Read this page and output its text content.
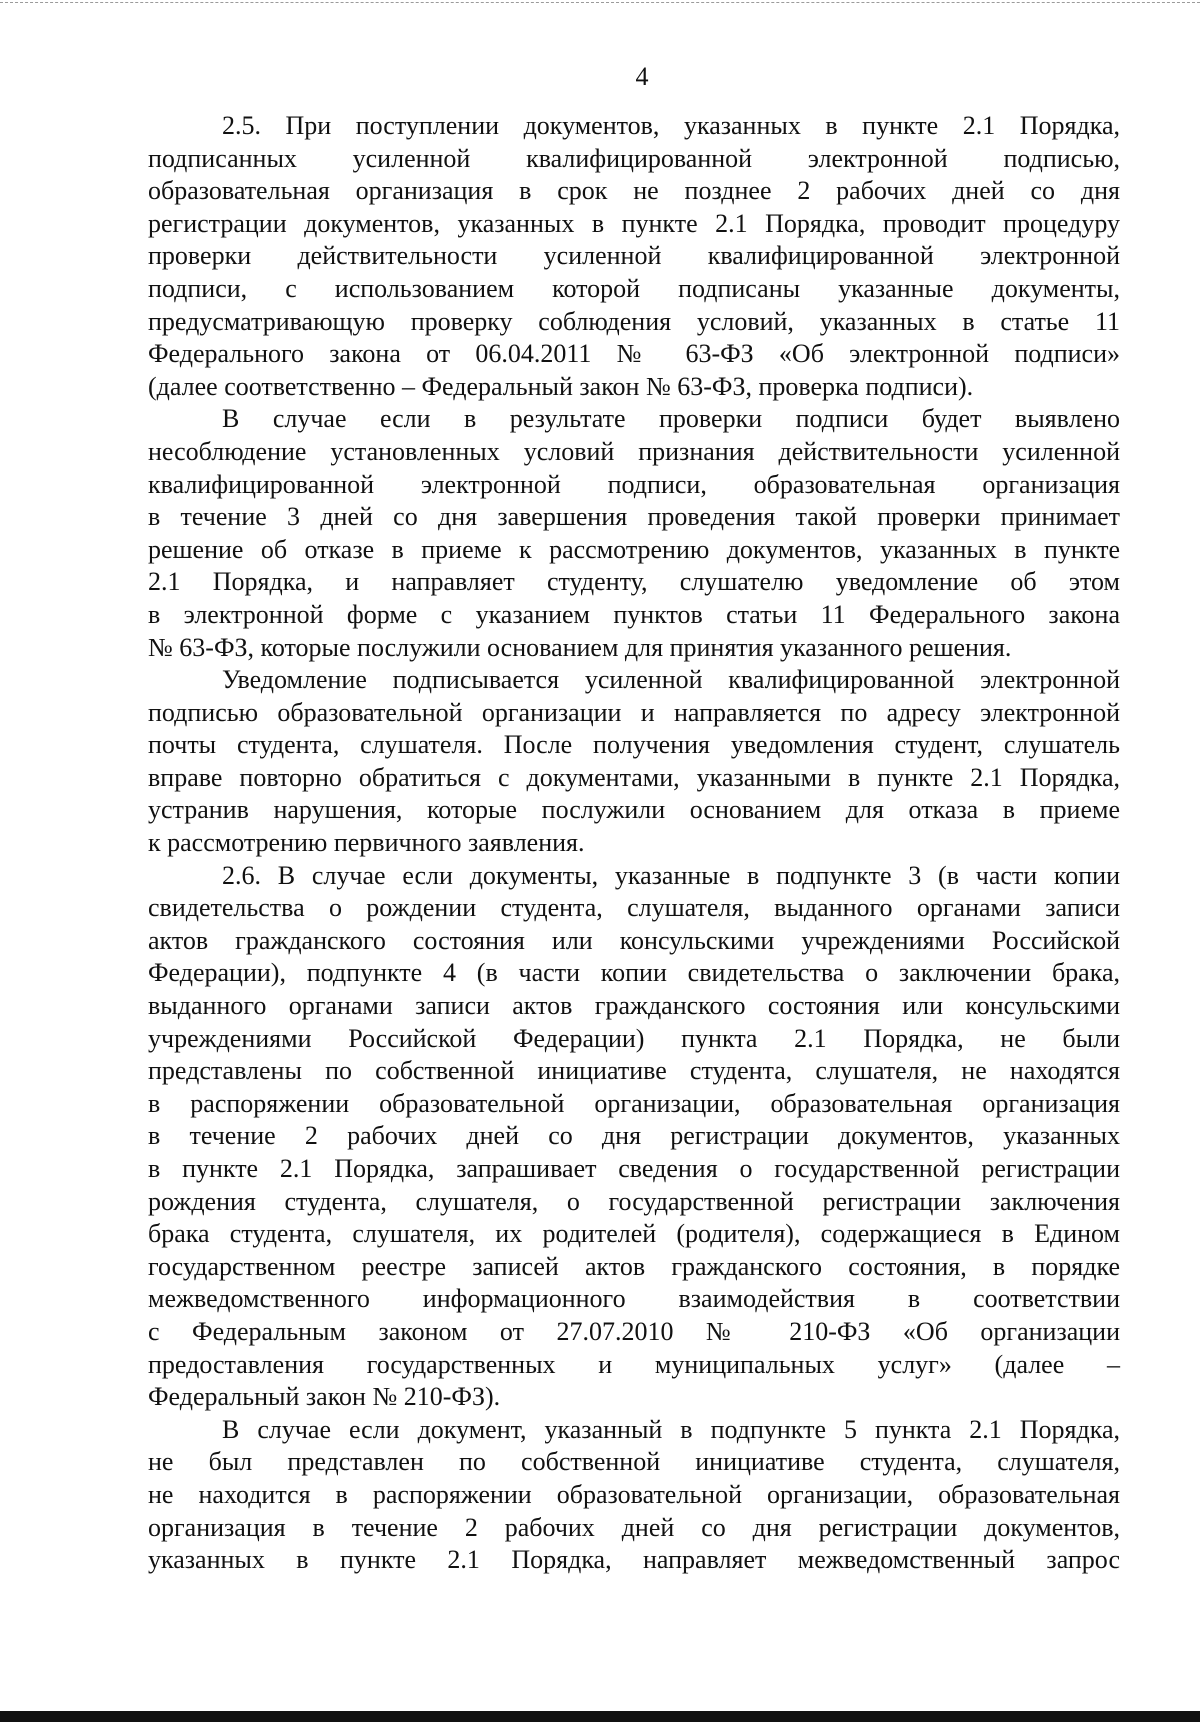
4
2.5. При поступлении документов, указанных в пункте 2.1 Порядка,
подписанных усиленной квалифицированной электронной подписью,
образовательная организация в срок не позднее 2 рабочих дней со дня
регистрации документов, указанных в пункте 2.1 Порядка, проводит процедуру
проверки действительности усиленной квалифицированной электронной
подписи, с использованием которой подписаны указанные документы,
предусматривающую проверку соблюдения условий, указанных в статье 11
Федерального закона от 06.04.2011 № 63-ФЗ «Об электронной подписи»
(далее соответственно – Федеральный закон № 63-ФЗ, проверка подписи).
В случае если в результате проверки подписи будет выявлено
несоблюдение установленных условий признания действительности усиленной
квалифицированной электронной подписи, образовательная организация
в течение 3 дней со дня завершения проведения такой проверки принимает
решение об отказе в приеме к рассмотрению документов, указанных в пункте
2.1 Порядка, и направляет студенту, слушателю уведомление об этом
в электронной форме с указанием пунктов статьи 11 Федерального закона
№ 63-ФЗ, которые послужили основанием для принятия указанного решения.
Уведомление подписывается усиленной квалифицированной электронной
подписью образовательной организации и направляется по адресу электронной
почты студента, слушателя. После получения уведомления студент, слушатель
вправе повторно обратиться с документами, указанными в пункте 2.1 Порядка,
устранив нарушения, которые послужили основанием для отказа в приеме
к рассмотрению первичного заявления.
2.6. В случае если документы, указанные в подпункте 3 (в части копии
свидетельства о рождении студента, слушателя, выданного органами записи
актов гражданского состояния или консульскими учреждениями Российской
Федерации), подпункте 4 (в части копии свидетельства о заключении брака,
выданного органами записи актов гражданского состояния или консульскими
учреждениями Российской Федерации) пункта 2.1 Порядка, не были
представлены по собственной инициативе студента, слушателя, не находятся
в распоряжении образовательной организации, образовательная организация
в течение 2 рабочих дней со дня регистрации документов, указанных
в пункте 2.1 Порядка, запрашивает сведения о государственной регистрации
рождения студента, слушателя, о государственной регистрации заключения
брака студента, слушателя, их родителей (родителя), содержащиеся в Едином
государственном реестре записей актов гражданского состояния, в порядке
межведомственного информационного взаимодействия в соответствии
с Федеральным законом от 27.07.2010 № 210-ФЗ «Об организации
предоставления государственных и муниципальных услуг» (далее –
Федеральный закон № 210-ФЗ).
В случае если документ, указанный в подпункте 5 пункта 2.1 Порядка,
не был представлен по собственной инициативе студента, слушателя,
не находится в распоряжении образовательной организации, образовательная
организация в течение 2 рабочих дней со дня регистрации документов,
указанных в пункте 2.1 Порядка, направляет межведомственный запрос
